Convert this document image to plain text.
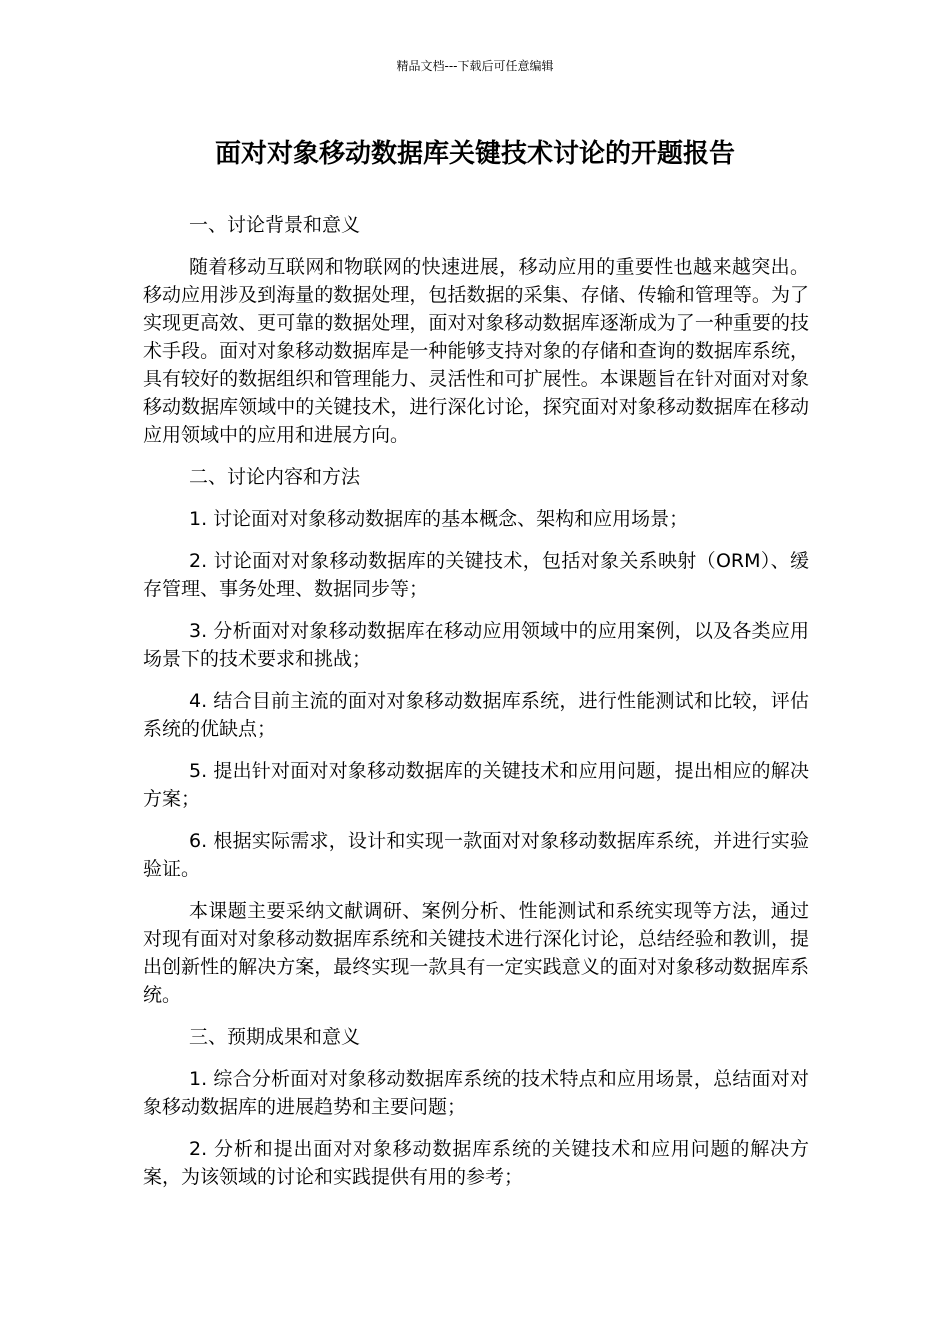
精品文档---下载后可任意编辑
面对对象移动数据库关键技术讨论的开题报告

一、讨论背景和意义

随着移动互联网和物联网的快速进展，移动应用的重要性也越来越突出。移动应用涉及到海量的数据处理，包括数据的采集、存储、传输和管理等。为了实现更高效、更可靠的数据处理，面对对象移动数据库逐渐成为了一种重要的技术手段。面对对象移动数据库是一种能够支持对象的存储和查询的数据库系统，具有较好的数据组织和管理能力、灵活性和可扩展性。本课题旨在针对面对对象移动数据库领域中的关键技术，进行深化讨论，探究面对对象移动数据库在移动应用领域中的应用和进展方向。

二、讨论内容和方法

1. 讨论面对对象移动数据库的基本概念、架构和应用场景；

2. 讨论面对对象移动数据库的关键技术，包括对象关系映射（ORM）、缓存管理、事务处理、数据同步等；

3. 分析面对对象移动数据库在移动应用领域中的应用案例，以及各类应用场景下的技术要求和挑战；

4. 结合目前主流的面对对象移动数据库系统，进行性能测试和比较，评估系统的优缺点；

5. 提出针对面对对象移动数据库的关键技术和应用问题，提出相应的解决方案；

6. 根据实际需求，设计和实现一款面对对象移动数据库系统，并进行实验验证。

本课题主要采纳文献调研、案例分析、性能测试和系统实现等方法，通过对现有面对对象移动数据库系统和关键技术进行深化讨论，总结经验和教训，提出创新性的解决方案，最终实现一款具有一定实践意义的面对对象移动数据库系统。

三、预期成果和意义

1. 综合分析面对对象移动数据库系统的技术特点和应用场景，总结面对对象移动数据库的进展趋势和主要问题；

2. 分析和提出面对对象移动数据库系统的关键技术和应用问题的解决方案，为该领域的讨论和实践提供有用的参考；
